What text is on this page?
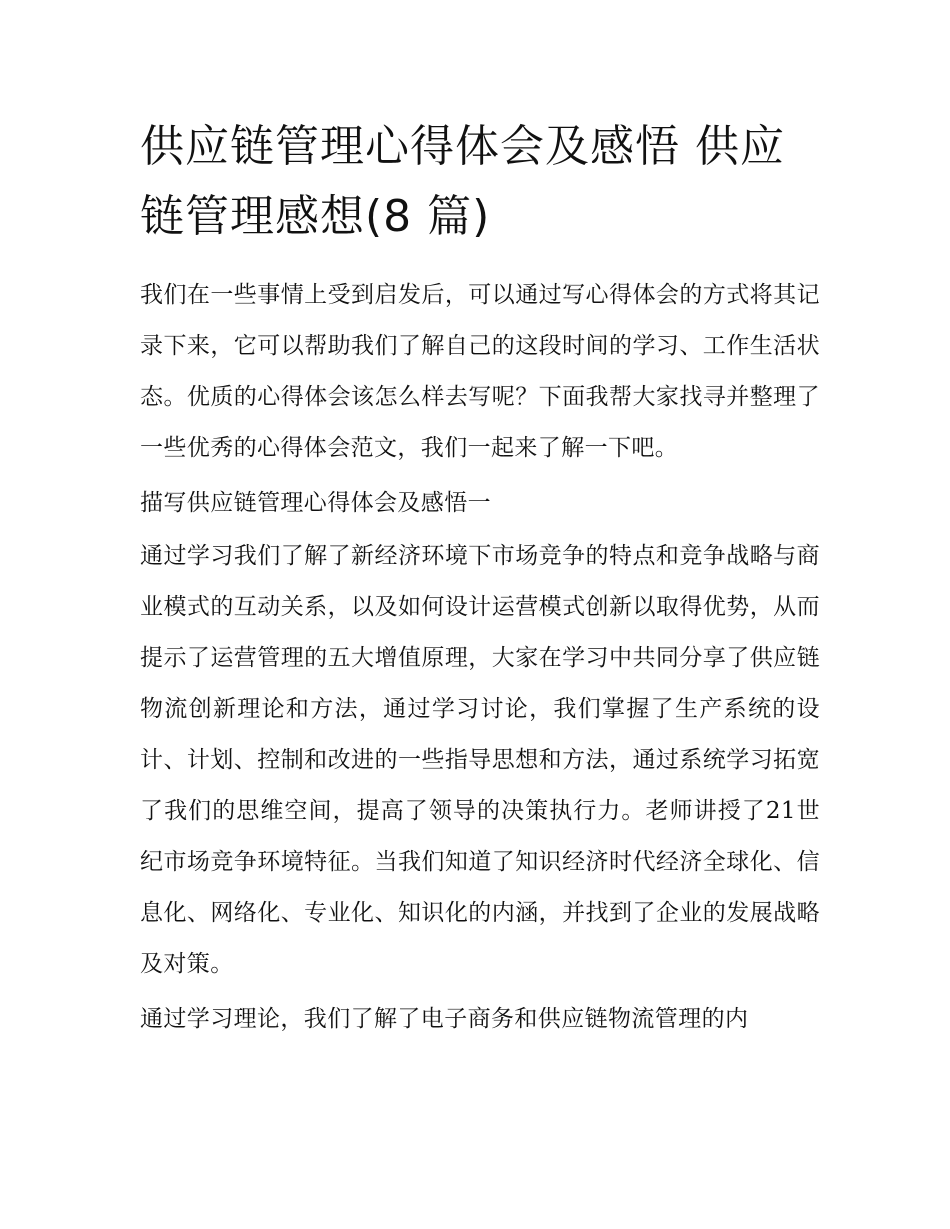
供应链管理心得体会及感悟 供应链管理感想(8 篇)

我们在一些事情上受到启发后，可以通过写心得体会的方式将其记录下来，它可以帮助我们了解自己的这段时间的学习、工作生活状态。优质的心得体会该怎么样去写呢？下面我帮大家找寻并整理了一些优秀的心得体会范文，我们一起来了解一下吧。

描写供应链管理心得体会及感悟一

通过学习我们了解了新经济环境下市场竞争的特点和竞争战略与商业模式的互动关系，以及如何设计运营模式创新以取得优势，从而提示了运营管理的五大增值原理，大家在学习中共同分享了供应链物流创新理论和方法，通过学习讨论，我们掌握了生产系统的设计、计划、控制和改进的一些指导思想和方法，通过系统学习拓宽了我们的思维空间，提高了领导的决策执行力。老师讲授了21世纪市场竞争环境特征。当我们知道了知识经济时代经济全球化、信息化、网络化、专业化、知识化的内涵，并找到了企业的发展战略及对策。

通过学习理论，我们了解了电子商务和供应链物流管理的内
